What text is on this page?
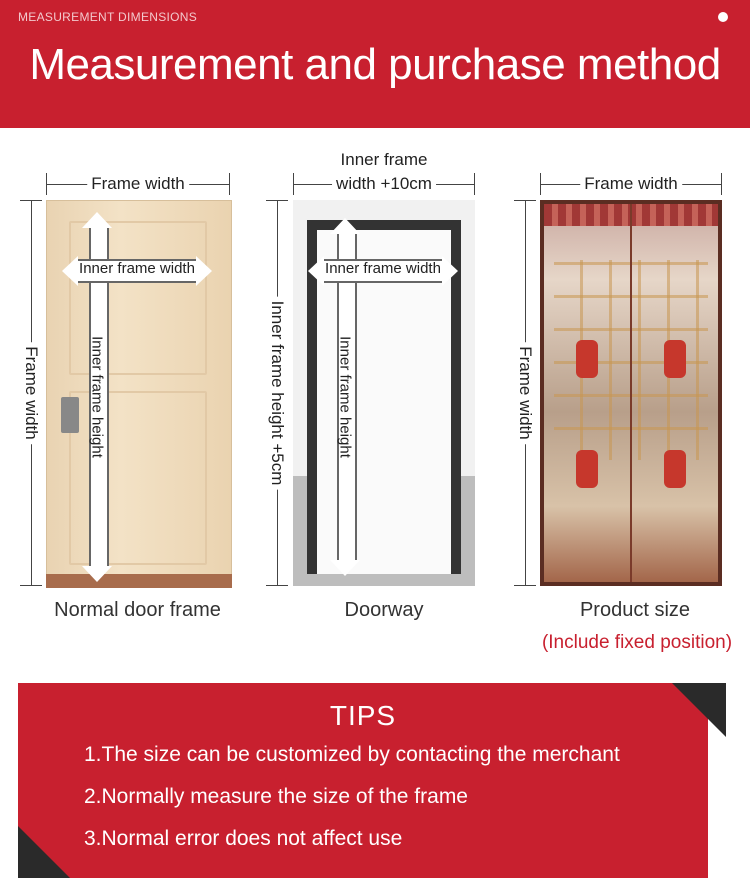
MEASUREMENT DIMENSIONS
Measurement and purchase method
Frame width
Frame width	Inner frame height
Inner frame width
Normal door frame
Inner frame
width +10cm
Inner frame height +5cm	Inner frame height
Inner frame width
Doorway
Frame width
Frame width
Product size
(Include fixed position)
TIPS
1.The size can be customized by contacting the merchant
2.Normally measure the size of the frame
3.Normal error does not affect use
